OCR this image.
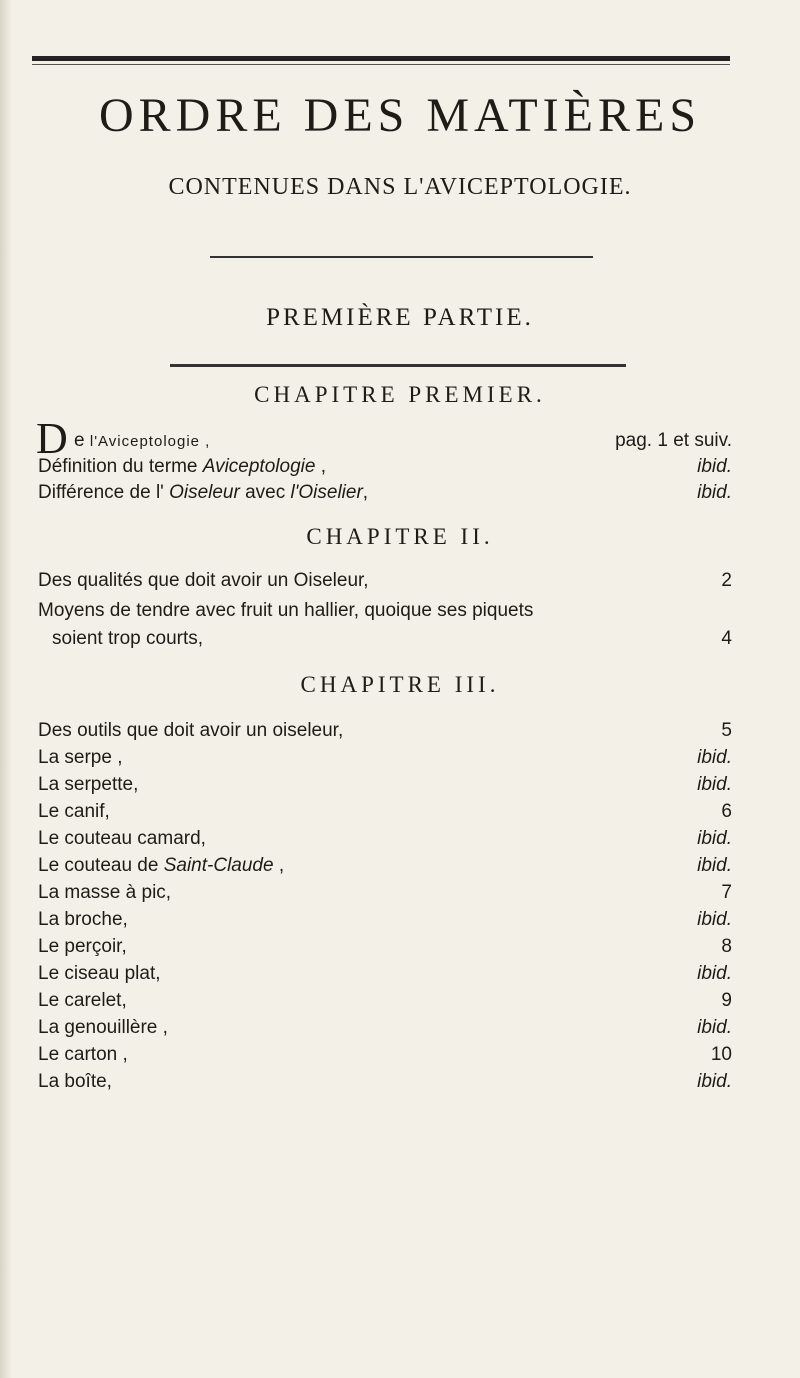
ORDRE DES MATIÈRES
CONTENUES DANS L'AVICEPTOLOGIE.
PREMIÈRE PARTIE.
CHAPITRE PREMIER.
D e l'Aviceptologie ,	pag. 1 et suiv.
Définition du terme Aviceptologie ,	ibid.
Différence de l' Oiseleur avec l'Oiselier,	ibid.
CHAPITRE II.
Des qualités que doit avoir un Oiseleur,	2
Moyens de tendre avec fruit un hallier, quoique ses piquets
soient trop courts,	4
CHAPITRE III.
Des outils que doit avoir un oiseleur,	5
La serpe ,	ibid.
La serpette,	ibid.
Le canif,	6
Le couteau camard,	ibid.
Le couteau de Saint-Claude ,	ibid.
La masse à pic,	7
La broche,	ibid.
Le perçoir,	8
Le ciseau plat,	ibid.
Le carelet,	9
La genouillère ,	ibid.
Le carton ,	10
La boîte,	ibid.
